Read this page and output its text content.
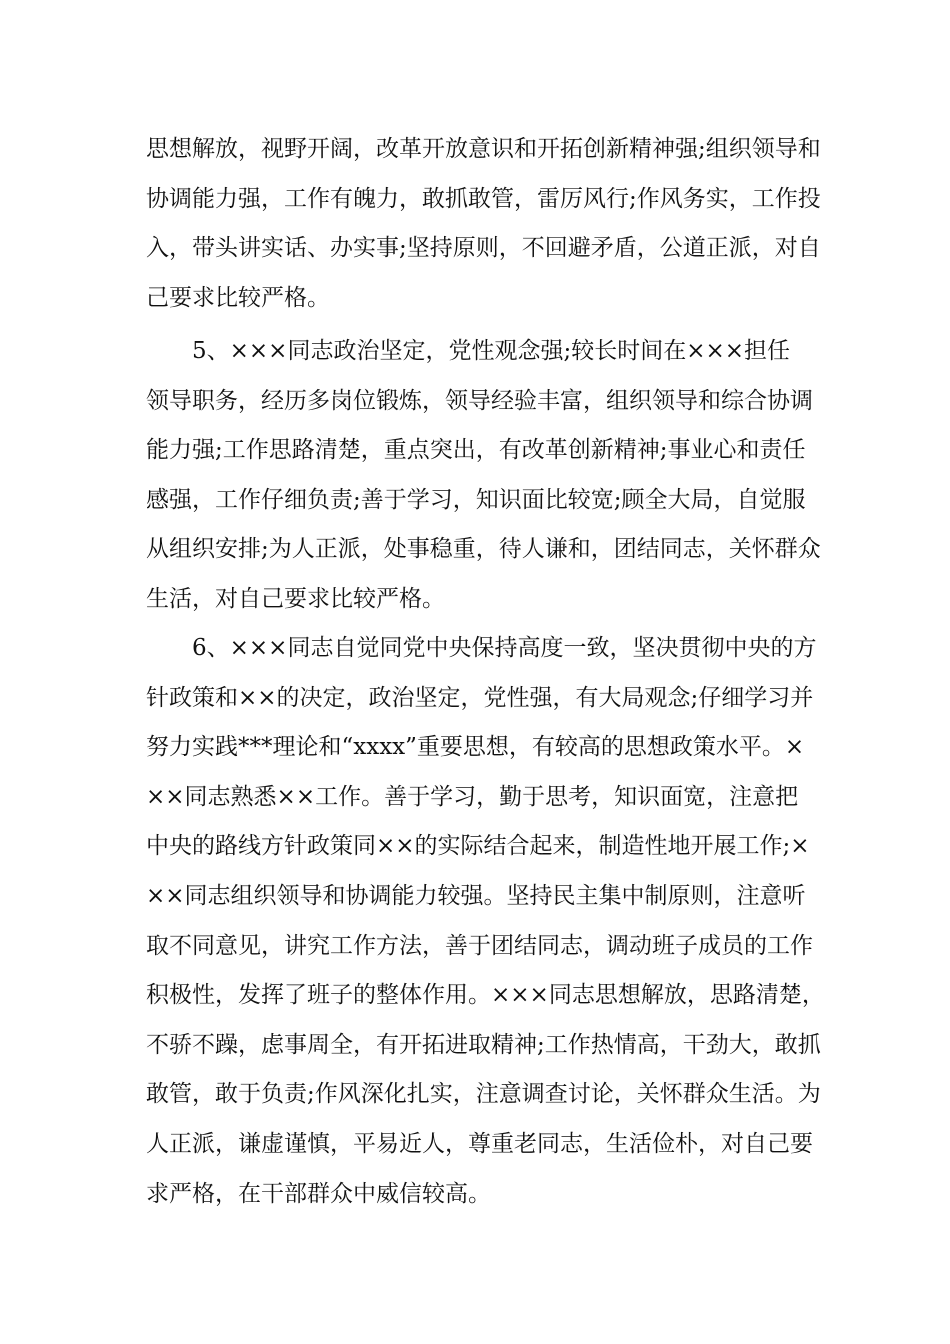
思想解放，视野开阔，改革开放意识和开拓创新精神强;组织领导和
协调能力强，工作有魄力，敢抓敢管，雷厉风行;作风务实，工作投
入，带头讲实话、办实事;坚持原则，不回避矛盾，公道正派，对自
己要求比较严格。
5、×××同志政治坚定，党性观念强;较长时间在×××担任
领导职务，经历多岗位锻炼，领导经验丰富，组织领导和综合协调
能力强;工作思路清楚，重点突出，有改革创新精神;事业心和责任
感强，工作仔细负责;善于学习，知识面比较宽;顾全大局，自觉服
从组织安排;为人正派，处事稳重，待人谦和，团结同志，关怀群众
生活，对自己要求比较严格。
6、×××同志自觉同党中央保持高度一致，坚决贯彻中央的方
针政策和××的决定，政治坚定，党性强，有大局观念;仔细学习并
努力实践***理论和“xxxx”重要思想，有较高的思想政策水平。×
××同志熟悉××工作。善于学习，勤于思考，知识面宽，注意把
中央的路线方针政策同××的实际结合起来，制造性地开展工作;×
××同志组织领导和协调能力较强。坚持民主集中制原则，注意听
取不同意见，讲究工作方法，善于团结同志，调动班子成员的工作
积极性，发挥了班子的整体作用。×××同志思想解放，思路清楚，
不骄不躁，虑事周全，有开拓进取精神;工作热情高，干劲大，敢抓
敢管，敢于负责;作风深化扎实，注意调查讨论，关怀群众生活。为
人正派，谦虚谨慎，平易近人，尊重老同志，生活俭朴，对自己要
求严格，在干部群众中威信较高。
